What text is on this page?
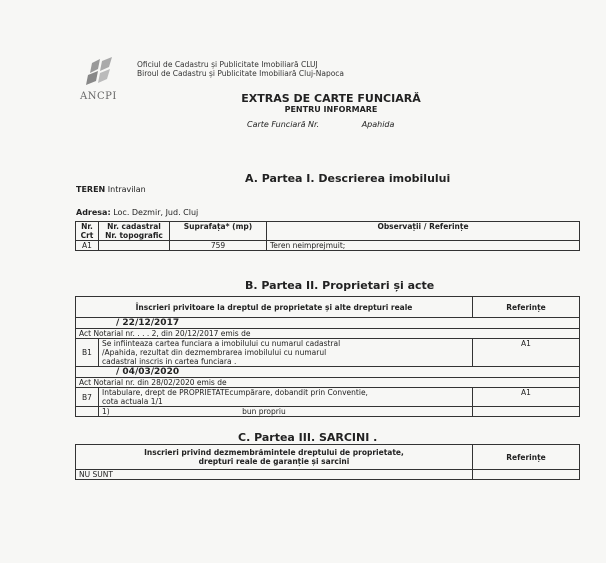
ANCPI
Oficiul de Cadastru și Publicitate Imobiliară CLUJ
Biroul de Cadastru și Publicitate Imobiliară Cluj-Napoca
EXTRAS DE CARTE FUNCIARĂ
PENTRU INFORMARE
Carte Funciară Nr.	Apahida
A. Partea I. Descrierea imobilului
TEREN Intravilan
Adresa: Loc. Dezmir, Jud. Cluj
Nr. Crt	Nr. cadastral Nr. topografic	Suprafața* (mp)	Observații / Referințe
A1		759	Teren neimprejmuit;
B. Partea II. Proprietari și acte
Înscrieri privitoare la dreptul de proprietate și alte drepturi reale		Referințe
/ 22/12/2017		
Act Notarial nr. . . . 2, din 20/12/2017 emis de		
B1	Se infiinteaza cartea funciara a imobilului cu numarul cadastral
/Apahida, rezultat din dezmembrarea imobilului cu numarul
cadastral inscris in cartea funciara .	A1
/ 04/03/2020		
Act Notarial nr. din 28/02/2020 emis de		
B7	Intabulare, drept de PROPRIETATEcumpărare, dobandit prin Conventie,
cota actuala 1/1	A1
	1) bun propriu	
C. Partea III. SARCINI .
Inscrieri privind dezmembrămintele dreptului de proprietate,
drepturi reale de garanție și sarcini	Referințe
NU SUNT	
